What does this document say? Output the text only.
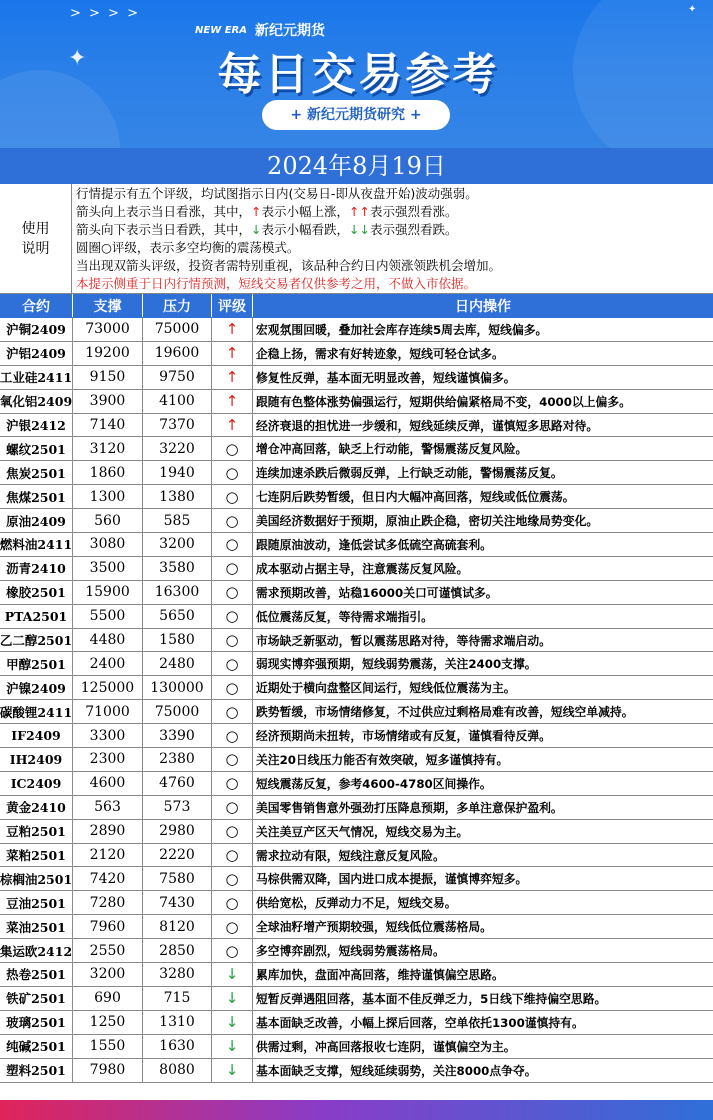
> > > >
✦
✦
NEW ERA 新纪元期货
每日交易参考
+ 新纪元期货研究 +
2024年8月19日
使用
说明
行情提示有五个评级，均试图指示日内(交易日-即从夜盘开始)波动强弱。
箭头向上表示当日看涨，其中，↑表示小幅上涨，↑↑表示强烈看涨。
箭头向下表示当日看跌，其中，↓表示小幅看跌，↓↓表示强烈看跌。
圆圈○评级，表示多空均衡的震荡模式。
当出现双箭头评级，投资者需特别重视，该品种合约日内领涨领跌机会增加。
本提示侧重于日内行情预测，短线交易者仅供参考之用，不做入市依据。
合约	支撑	压力	评级	日内操作
沪铜2409	73000	75000	↑	宏观氛围回暖，叠加社会库存连续5周去库，短线偏多。
沪铝2409	19200	19600	↑	企稳上扬，需求有好转迹象，短线可轻仓试多。
工业硅2411	9150	9750	↑	修复性反弹，基本面无明显改善，短线谨慎偏多。
氧化铝2409	3900	4100	↑	跟随有色整体涨势偏强运行，短期供给偏紧格局不变，4000以上偏多。
沪银2412	7140	7370	↑	经济衰退的担忧进一步缓和，短线延续反弹，谨慎短多思路对待。
螺纹2501	3120	3220	○	增仓冲高回落，缺乏上行动能，警惕震荡反复风险。
焦炭2501	1860	1940	○	连续加速杀跌后微弱反弹，上行缺乏动能，警惕震荡反复。
焦煤2501	1300	1380	○	七连阴后跌势暂缓，但日内大幅冲高回落，短线或低位震荡。
原油2409	560	585	○	美国经济数据好于预期，原油止跌企稳，密切关注地缘局势变化。
燃料油2411	3080	3200	○	跟随原油波动，逢低尝试多低硫空高硫套利。
沥青2410	3500	3580	○	成本驱动占据主导，注意震荡反复风险。
橡胶2501	15900	16300	○	需求预期改善，站稳16000关口可谨慎试多。
PTA2501	5500	5650	○	低位震荡反复，等待需求端指引。
乙二醇2501	4480	1580	○	市场缺乏新驱动，暂以震荡思路对待，等待需求端启动。
甲醇2501	2400	2480	○	弱现实博弈强预期，短线弱势震荡，关注2400支撑。
沪镍2409	125000	130000	○	近期处于横向盘整区间运行，短线低位震荡为主。
碳酸锂2411 71000	75000	○	跌势暂缓，市场情绪修复，不过供应过剩格局难有改善，短线空单减持。
IF2409	3300	3390	○	经济预期尚未扭转，市场情绪或有反复，谨慎看待反弹。
IH2409	2300	2380	○	关注20日线压力能否有效突破，短多谨慎持有。
IC2409	4600	4760	○	短线震荡反复，参考4600-4780区间操作。
黄金2410	563	573	○	美国零售销售意外强劲打压降息预期，多单注意保护盈利。
豆粕2501	2890	2980	○	关注美豆产区天气情况，短线交易为主。
菜粕2501	2120	2220	○	需求拉动有限，短线注意反复风险。
棕榈油2501	7420	7580	○	马棕供需双降，国内进口成本提振，谨慎博弈短多。
豆油2501	7280	7430	○	供给宽松，反弹动力不足，短线交易。
菜油2501	7960	8120	○	全球油籽增产预期较强，短线低位震荡格局。
集运欧2412	2550	2850	○	多空博弈剧烈，短线弱势震荡格局。
热卷2501	3200	3280	↓	累库加快，盘面冲高回落，维持谨慎偏空思路。
铁矿2501	690	715	↓	短暂反弹遇阻回落，基本面不佳反弹乏力，5日线下维持偏空思路。
玻璃2501	1250	1310	↓	基本面缺乏改善，小幅上探后回落，空单依托1300谨慎持有。
纯碱2501	1550	1630	↓	供需过剩，冲高回落报收七连阴，谨慎偏空为主。
塑料2501	7980	8080	↓	基本面缺乏支撑，短线延续弱势，关注8000点争夺。
